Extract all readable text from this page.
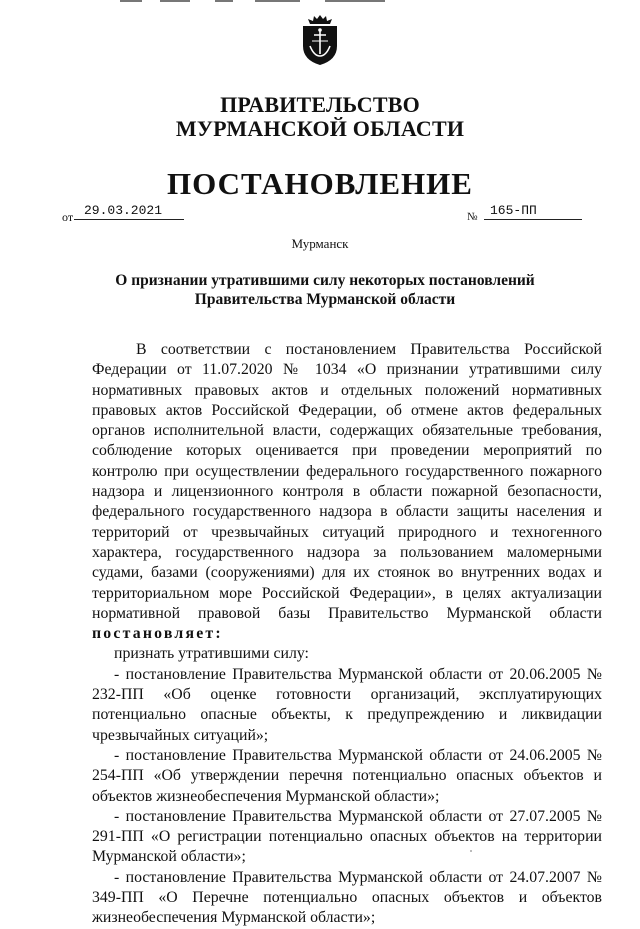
ПРАВИТЕЛЬСТВО
МУРМАНСКОЙ ОБЛАСТИ
ПОСТАНОВЛЕНИЕ
от 29.03.2021	№ 165-ПП
Мурманск
О признании утратившими силу некоторых постановлений
Правительства Мурманской области

В соответствии с постановлением Правительства Российской Федерации от 11.07.2020 № 1034 «О признании утратившими силу нормативных правовых актов и отдельных положений нормативных правовых актов Российской Федерации, об отмене актов федеральных органов исполнительной власти, содержащих обязательные требования, соблюдение которых оценивается при проведении мероприятий по контролю при осуществлении федерального государственного пожарного надзора и лицензионного контроля в области пожарной безопасности, федерального государственного надзора в области защиты населения и территорий от чрезвычайных ситуаций природного и техногенного характера, государственного надзора за пользованием маломерными судами, базами (сооружениями) для их стоянок во внутренних водах и территориальном море Российской Федерации», в целях актуализации нормативной правовой базы Правительство Мурманской области постановляет:

признать утратившими силу:

- постановление Правительства Мурманской области от 20.06.2005 № 232-ПП «Об оценке готовности организаций, эксплуатирующих потенциально опасные объекты, к предупреждению и ликвидации чрезвычайных ситуаций»;

- постановление Правительства Мурманской области от 24.06.2005 № 254-ПП «Об утверждении перечня потенциально опасных объектов и объектов жизнеобеспечения Мурманской области»;

- постановление Правительства Мурманской области от 27.07.2005 № 291-ПП «О регистрации потенциально опасных объектов на территории Мурманской области»;

- постановление Правительства Мурманской области от 24.07.2007 № 349-ПП «О Перечне потенциально опасных объектов и объектов жизнеобеспечения Мурманской области»;
